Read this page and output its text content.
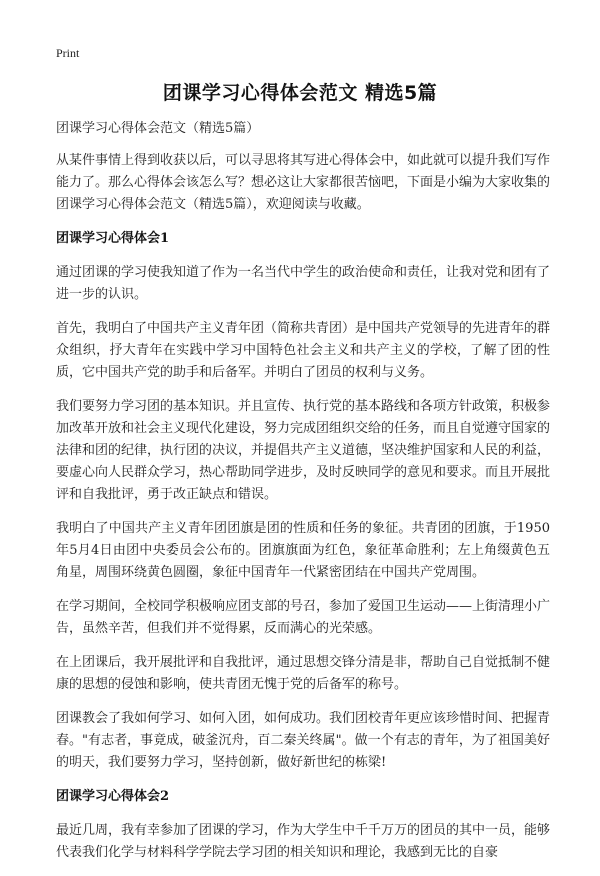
Print
团课学习心得体会范文 精选5篇

团课学习心得体会范文（精选5篇）

从某件事情上得到收获以后，可以寻思将其写进心得体会中，如此就可以提升我们写作能力了。那么心得体会该怎么写？想必这让大家都很苦恼吧，下面是小编为大家收集的团课学习心得体会范文（精选5篇），欢迎阅读与收藏。

团课学习心得体会1

通过团课的学习使我知道了作为一名当代中学生的政治使命和责任，让我对党和团有了进一步的认识。

首先，我明白了中国共产主义青年团（简称共青团）是中国共产党领导的先进青年的群众组织，抒大青年在实践中学习中国特色社会主义和共产主义的学校，了解了团的性质，它中国共产党的助手和后备军。并明白了团员的权利与义务。

我们要努力学习团的基本知识。并且宣传、执行党的基本路线和各项方针政策，积极参加改革开放和社会主义现代化建设，努力完成团组织交给的任务，而且自觉遵守国家的法律和团的纪律，执行团的决议，并提倡共产主义道德，坚决维护国家和人民的利益，要虚心向人民群众学习，热心帮助同学进步，及时反映同学的意见和要求。而且开展批评和自我批评，勇于改正缺点和错误。

我明白了中国共产主义青年团团旗是团的性质和任务的象征。共青团的团旗，于1950年5月4日由团中央委员会公布的。团旗旗面为红色，象征革命胜利；左上角缀黄色五角星，周围环绕黄色圆圈，象征中国青年一代紧密团结在中国共产党周围。

在学习期间，全校同学积极响应团支部的号召，参加了爱国卫生运动——上街清理小广告，虽然辛苦，但我们并不觉得累，反而满心的光荣感。

在上团课后，我开展批评和自我批评，通过思想交锋分清是非，帮助自己自觉抵制不健康的思想的侵蚀和影响，使共青团无愧于党的后备军的称号。

团课教会了我如何学习、如何入团，如何成功。我们团校青年更应该珍惜时间、把握青春。"有志者，事竟成，破釜沉舟，百二秦关终属"。做一个有志的青年，为了祖国美好的明天，我们要努力学习，坚持创新，做好新世纪的栋梁!

团课学习心得体会2

最近几周，我有幸参加了团课的学习，作为大学生中千千万万的团员的其中一员，能够代表我们化学与材料科学学院去学习团的相关知识和理论，我感到无比的自豪
